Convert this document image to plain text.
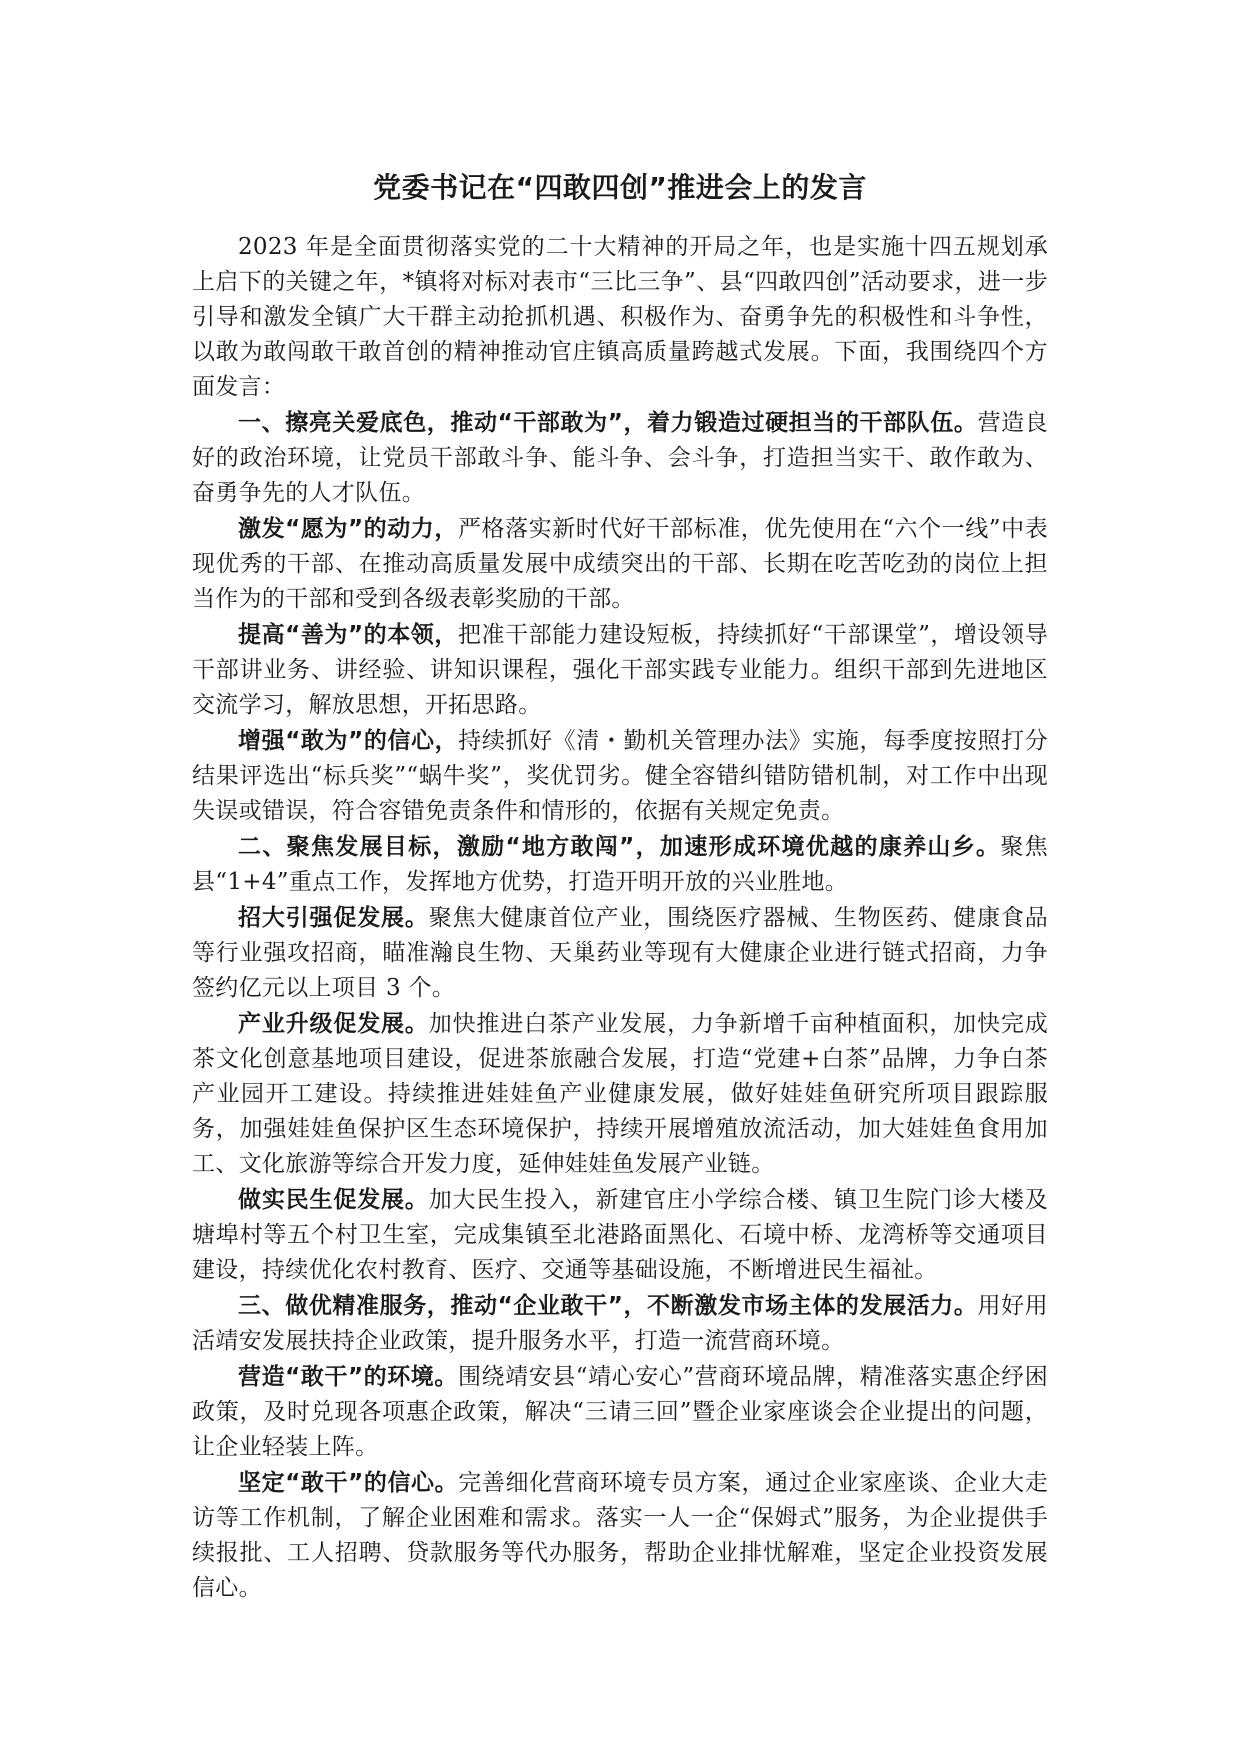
党委书记在“四敢四创”推进会上的发言

2023 年是全面贯彻落实党的二十大精神的开局之年，也是实施十四五规划承上启下的关键之年，*镇将对标对表市“三比三争”、县“四敢四创”活动要求，进一步引导和激发全镇广大干群主动抢抓机遇、积极作为、奋勇争先的积极性和斗争性，以敢为敢闯敢干敢首创的精神推动官庄镇高质量跨越式发展。下面，我围绕四个方面发言：

一、擦亮关爱底色，推动“干部敢为”，着力锻造过硬担当的干部队伍。营造良好的政治环境，让党员干部敢斗争、能斗争、会斗争，打造担当实干、敢作敢为、奋勇争先的人才队伍。

激发“愿为”的动力，严格落实新时代好干部标准，优先使用在“六个一线”中表现优秀的干部、在推动高质量发展中成绩突出的干部、长期在吃苦吃劲的岗位上担当作为的干部和受到各级表彰奖励的干部。

提高“善为”的本领，把准干部能力建设短板，持续抓好“干部课堂”，增设领导干部讲业务、讲经验、讲知识课程，强化干部实践专业能力。组织干部到先进地区交流学习，解放思想，开拓思路。

增强“敢为”的信心，持续抓好《清・勤机关管理办法》实施，每季度按照打分结果评选出“标兵奖”“蜗牛奖”，奖优罚劣。健全容错纠错防错机制，对工作中出现失误或错误，符合容错免责条件和情形的，依据有关规定免责。

二、聚焦发展目标，激励“地方敢闯”，加速形成环境优越的康养山乡。聚焦县“1+4”重点工作，发挥地方优势，打造开明开放的兴业胜地。

招大引强促发展。聚焦大健康首位产业，围绕医疗器械、生物医药、健康食品等行业强攻招商，瞄准瀚良生物、天巢药业等现有大健康企业进行链式招商，力争签约亿元以上项目 3 个。

产业升级促发展。加快推进白茶产业发展，力争新增千亩种植面积，加快完成茶文化创意基地项目建设，促进茶旅融合发展，打造“党建+白茶”品牌，力争白茶产业园开工建设。持续推进娃娃鱼产业健康发展，做好娃娃鱼研究所项目跟踪服务，加强娃娃鱼保护区生态环境保护，持续开展增殖放流活动，加大娃娃鱼食用加工、文化旅游等综合开发力度，延伸娃娃鱼发展产业链。

做实民生促发展。加大民生投入，新建官庄小学综合楼、镇卫生院门诊大楼及塘埠村等五个村卫生室，完成集镇至北港路面黑化、石境中桥、龙湾桥等交通项目建设，持续优化农村教育、医疗、交通等基础设施，不断增进民生福祉。

三、做优精准服务，推动“企业敢干”，不断激发市场主体的发展活力。用好用活靖安发展扶持企业政策，提升服务水平，打造一流营商环境。

营造“敢干”的环境。围绕靖安县“靖心安心”营商环境品牌，精准落实惠企纾困政策，及时兑现各项惠企政策，解决“三请三回”暨企业家座谈会企业提出的问题，让企业轻装上阵。

坚定“敢干”的信心。完善细化营商环境专员方案，通过企业家座谈、企业大走访等工作机制，了解企业困难和需求。落实一人一企“保姆式”服务，为企业提供手续报批、工人招聘、贷款服务等代办服务，帮助企业排忧解难，坚定企业投资发展信心。
